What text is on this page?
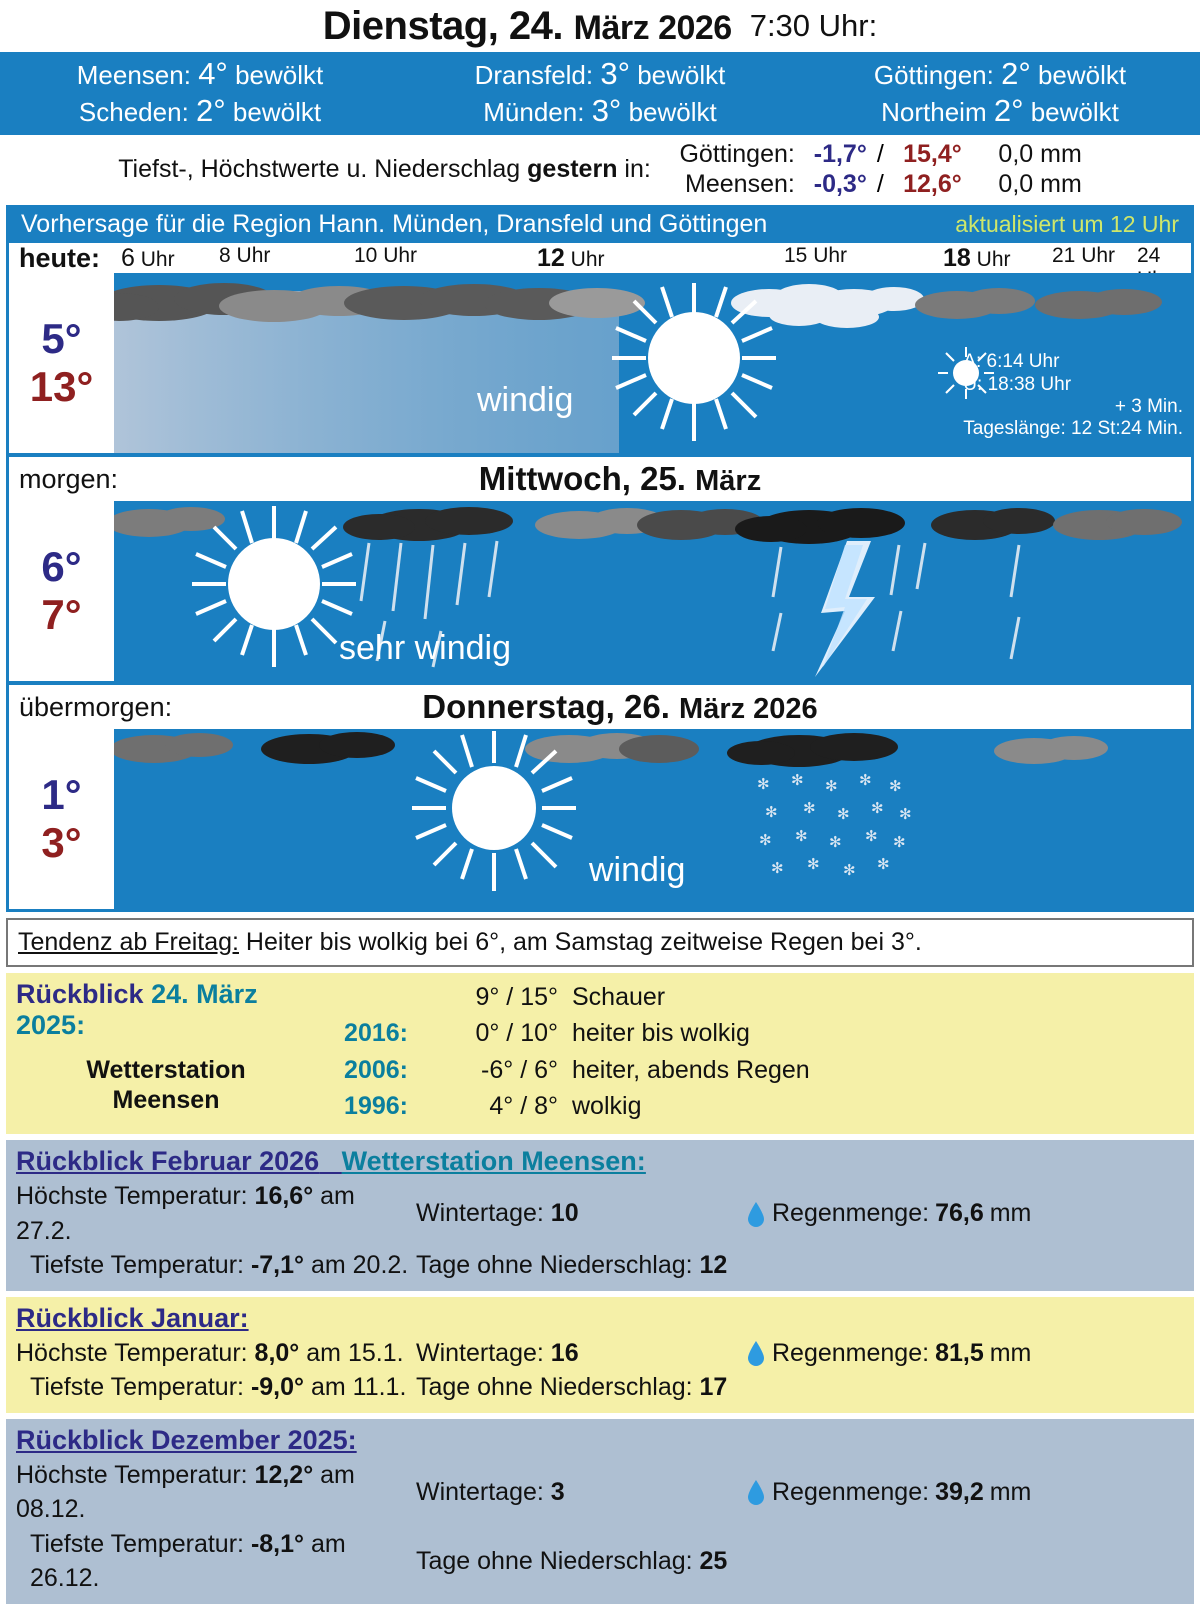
Dienstag, 24. März 2026 7:30 Uhr:
Meensen: 4° bewölkt	Dransfeld: 3° bewölkt	Göttingen: 2° bewölkt
Scheden: 2° bewölkt	Münden: 3° bewölkt	Northeim 2° bewölkt
Tiefst-, Höchstwerte u. Niederschlag gestern in:
Göttingen: -1,7° / 15,4°	0,0 mm
Meensen: -0,3° / 12,6°	0,0 mm
Vorhersage für die Region Hann. Münden, Dransfeld und Göttingen	aktualisiert um 12 Uhr
heute: 6 Uhr 8 Uhr	10 Uhr	12 Uhr	15 Uhr	18 Uhr 21 Uhr 24
5°
13°	windig
A: 6:14 Uhr
U: 18:38 Uhr
+ 3 Min.
Tageslänge: 12 St:24 Min.
morgen:	Mittwoch, 25. März
6°
7°
sehr windig
übermorgen:	Donnerstag, 26. März 2026
1°
3°
✻ ✻ ✻ ✻ ✻
✻ ✻ ✻ ✻ ✻
✻ ✻ ✻ ✻ ✻
✻ ✻ ✻ ✻
windig
Tendenz ab Freitag: Heiter bis wolkig bei 6°, am Samstag zeitweise Regen bei 3°.
Rückblick 24. März 2025:
Wetterstation
Meensen
9° / 15° Schauer
2016:	0° / 10° heiter bis wolkig
2006:	-6° / 6° heiter, abends Regen
1996:	4° / 8° wolkig
Rückblick Februar 2026 Wetterstation Meensen:
Höchste Temperatur: 16,6° am 27.2.
Wintertage: 10	Regenmenge: 76,6 mm
Tiefste Temperatur: -7,1° am 20.2. Tage ohne Niederschlag: 12
Rückblick Januar:
Höchste Temperatur: 8,0° am 15.1. Wintertage: 16	Regenmenge: 81,5 mm
Tiefste Temperatur: -9,0° am 11.1. Tage ohne Niederschlag: 17
Rückblick Dezember 2025:
Höchste Temperatur: 12,2° am 08.12.
Wintertage: 3	Regenmenge: 39,2 mm
Tiefste Temperatur: -8,1° am 26.12.
Tage ohne Niederschlag: 25
